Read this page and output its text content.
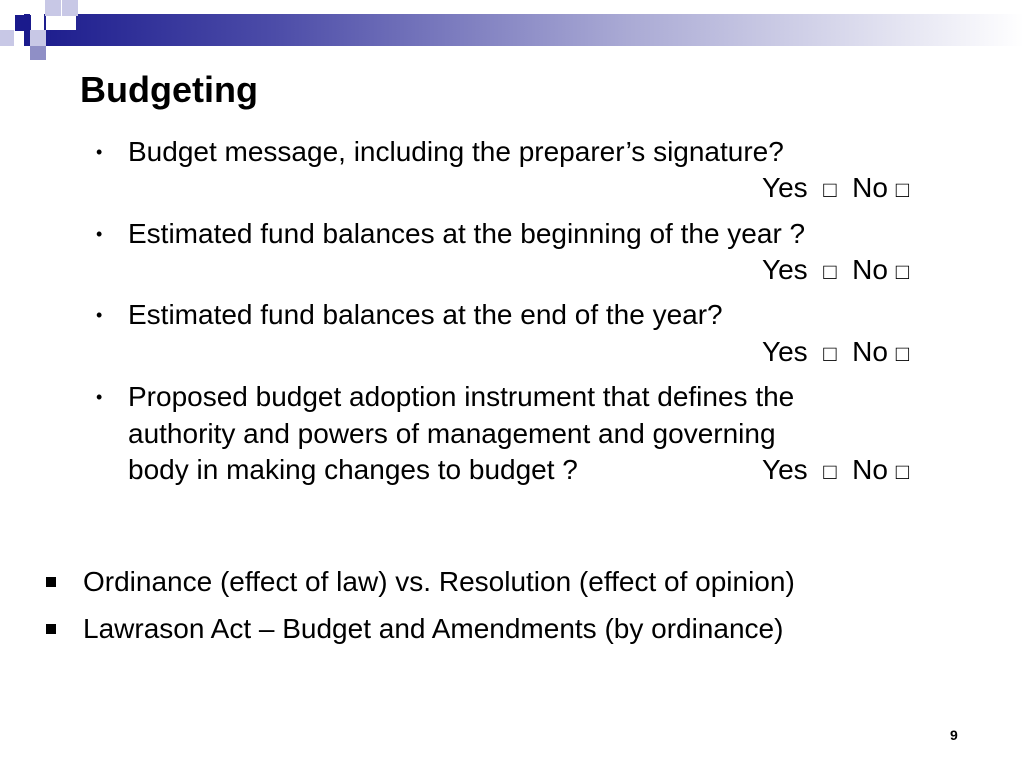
Budgeting
• Budget message, including the preparer’s signature?
Yes □ No □
• Estimated fund balances at the beginning of the year ?
Yes □ No □
• Estimated fund balances at the end of the year?
Yes □ No □
• Proposed budget adoption instrument that defines the
authority and powers of management and governing
body in making changes to budget ?	Yes □ No □
Ordinance (effect of law) vs. Resolution (effect of opinion)
Lawrason Act – Budget and Amendments (by ordinance)
9
